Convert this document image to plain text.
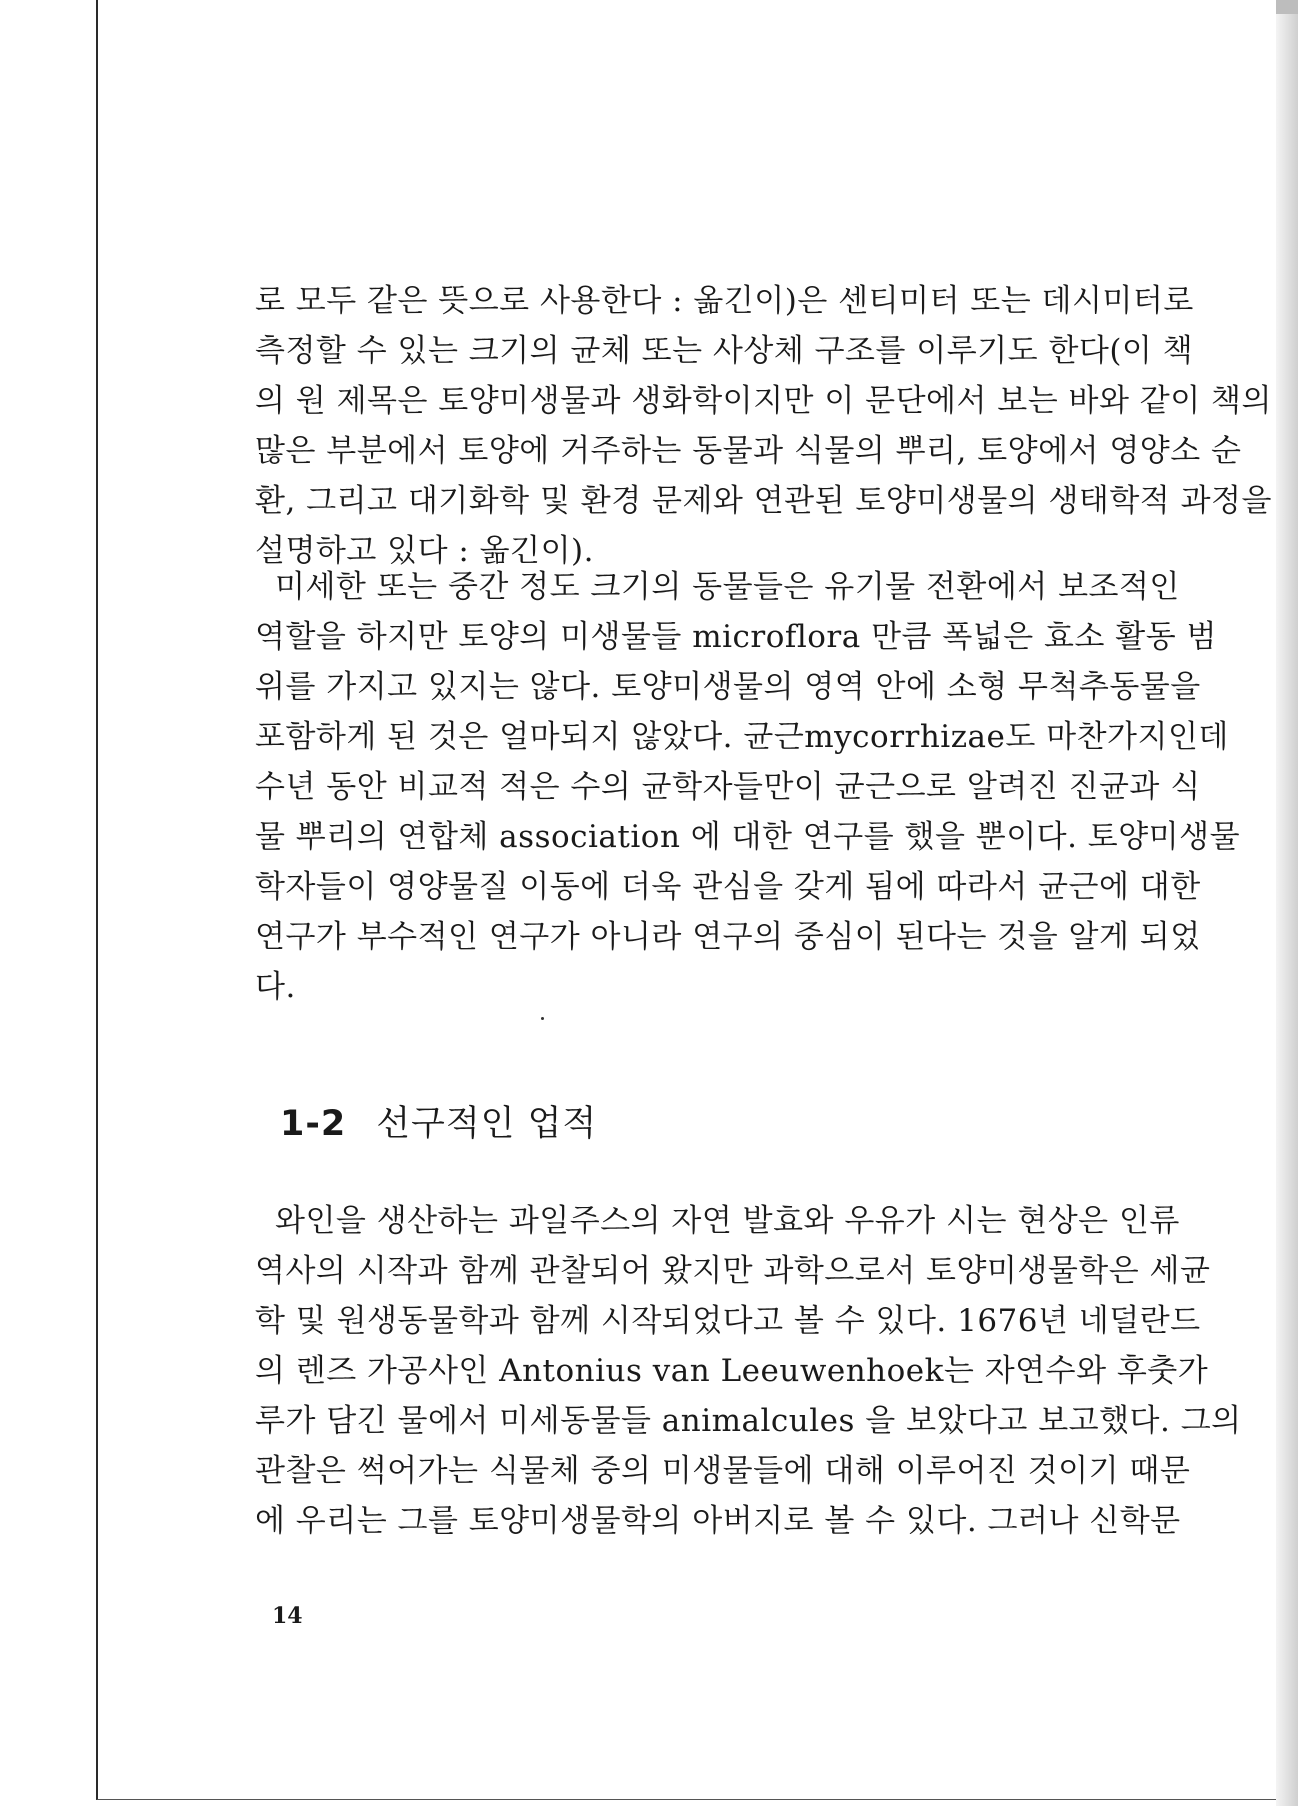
로 모두 같은 뜻으로 사용한다 : 옮긴이)은 센티미터 또는 데시미터로
측정할 수 있는 크기의 균체 또는 사상체 구조를 이루기도 한다(이 책
의 원 제목은 토양미생물과 생화학이지만 이 문단에서 보는 바와 같이 책의
많은 부분에서 토양에 거주하는 동물과 식물의 뿌리, 토양에서 영양소 순
환, 그리고 대기화학 및 환경 문제와 연관된 토양미생물의 생태학적 과정을
설명하고 있다 : 옮긴이).

미세한 또는 중간 정도 크기의 동물들은 유기물 전환에서 보조적인
역할을 하지만 토양의 미생물들 microflora 만큼 폭넓은 효소 활동 범
위를 가지고 있지는 않다. 토양미생물의 영역 안에 소형 무척추동물을
포함하게 된 것은 얼마되지 않았다. 균근mycorrhizae도 마찬가지인데
수년 동안 비교적 적은 수의 균학자들만이 균근으로 알려진 진균과 식
물 뿌리의 연합체 association 에 대한 연구를 했을 뿐이다. 토양미생물
학자들이 영양물질 이동에 더욱 관심을 갖게 됨에 따라서 균근에 대한
연구가 부수적인 연구가 아니라 연구의 중심이 된다는 것을 알게 되었
다.

1-2 선구적인 업적

와인을 생산하는 과일주스의 자연 발효와 우유가 시는 현상은 인류
역사의 시작과 함께 관찰되어 왔지만 과학으로서 토양미생물학은 세균
학 및 원생동물학과 함께 시작되었다고 볼 수 있다. 1676년 네덜란드
의 렌즈 가공사인 Antonius van Leeuwenhoek는 자연수와 후춧가
루가 담긴 물에서 미세동물들 animalcules 을 보았다고 보고했다. 그의
관찰은 썩어가는 식물체 중의 미생물들에 대해 이루어진 것이기 때문
에 우리는 그를 토양미생물학의 아버지로 볼 수 있다. 그러나 신학문

14
